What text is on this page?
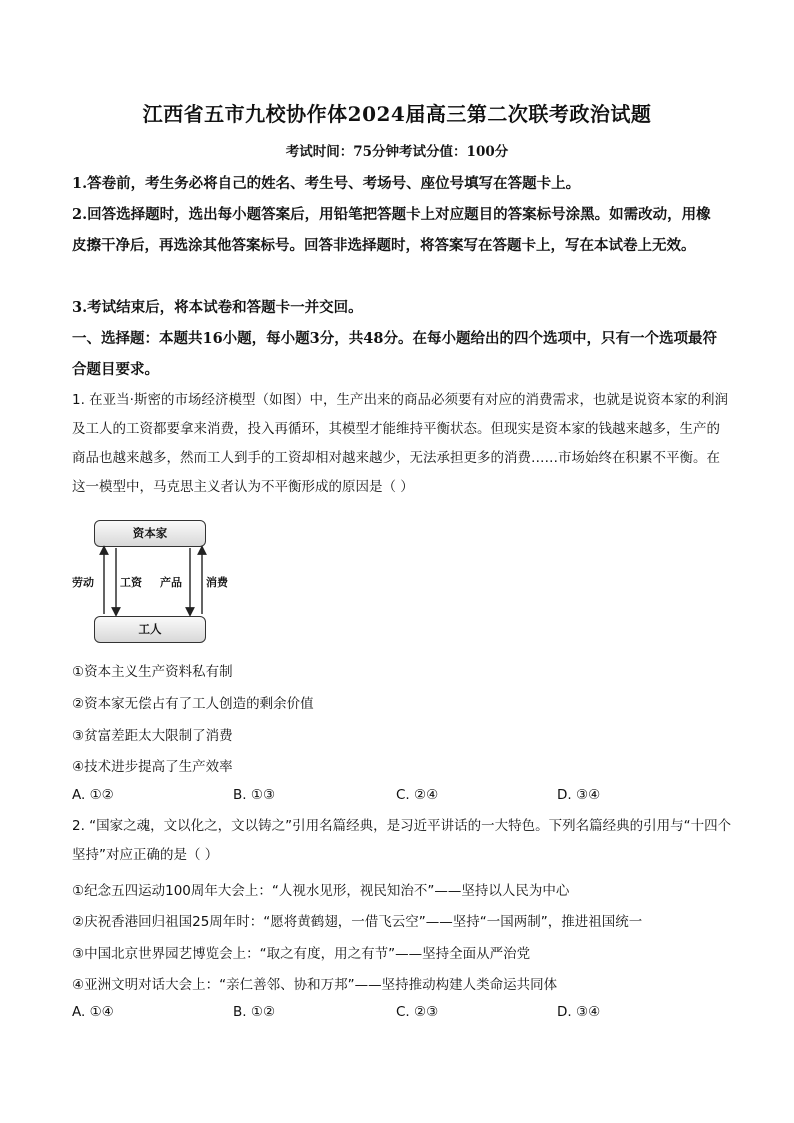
江西省五市九校协作体2024届高三第二次联考政治试题
考试时间：75分钟考试分值：100分
1.答卷前，考生务必将自己的姓名、考生号、考场号、座位号填写在答题卡上。
2.回答选择题时，选出每小题答案后，用铅笔把答题卡上对应题目的答案标号涂黑。如需改动，用橡皮擦干净后，再选涂其他答案标号。回答非选择题时，将答案写在答题卡上，写在本试卷上无效。
3.考试结束后，将本试卷和答题卡一并交回。
一、选择题：本题共16小题，每小题3分，共48分。在每小题给出的四个选项中，只有一个选项最符合题目要求。
1. 在亚当·斯密的市场经济模型（如图）中，生产出来的商品必须要有对应的消费需求，也就是说资本家的利润及工人的工资都要拿来消费，投入再循环，其模型才能维持平衡状态。但现实是资本家的钱越来越多，生产的商品也越来越多，然而工人到手的工资却相对越来越少，无法承担更多的消费……市场始终在积累不平衡。在这一模型中，马克思主义者认为不平衡形成的原因是（ ）
资本家
工人
劳动 工资 产品 消费
①资本主义生产资料私有制
②资本家无偿占有了工人创造的剩余价值
③贫富差距太大限制了消费
④技术进步提高了生产效率
A. ①②	B. ①③	C. ②④	D. ③④
2. “国家之魂，文以化之，文以铸之”引用名篇经典，是习近平讲话的一大特色。下列名篇经典的引用与“十四个坚持”对应正确的是（ ）
①纪念五四运动100周年大会上：“人视水见形，视民知治不”——坚持以人民为中心
②庆祝香港回归祖国25周年时：“愿将黄鹤翅，一借飞云空”——坚持“一国两制”，推进祖国统一
③中国北京世界园艺博览会上：“取之有度，用之有节”——坚持全面从严治党
④亚洲文明对话大会上：“亲仁善邻、协和万邦”——坚持推动构建人类命运共同体
A. ①④	B. ①②	C. ②③	D. ③④
